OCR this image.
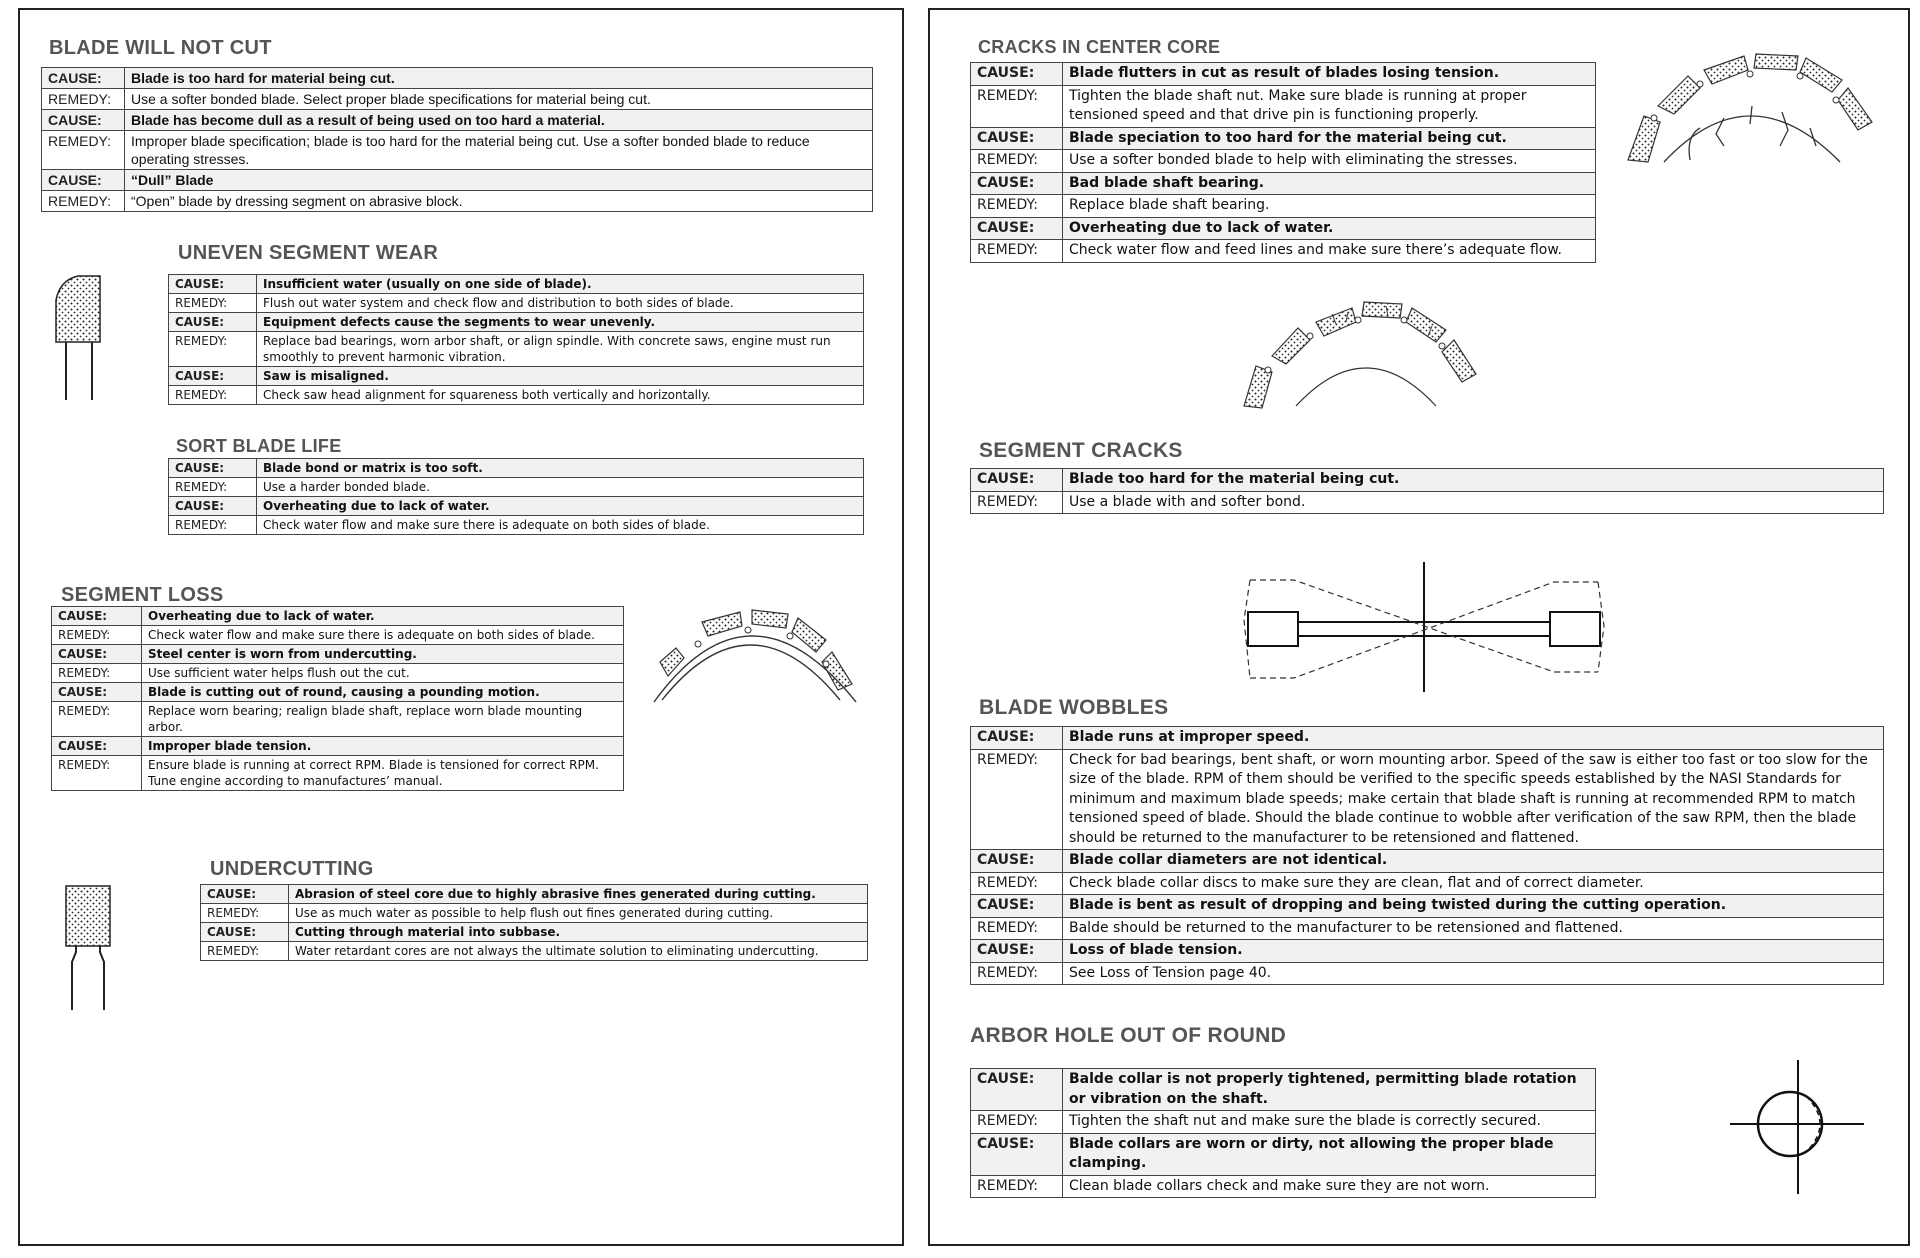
BLADE WILL NOT CUT
CAUSE:	Blade is too hard for material being cut.
REMEDY:	Use a softer bonded blade. Select proper blade specifications for material being cut.
CAUSE:	Blade has become dull as a result of being used on too hard a material.
REMEDY:	Improper blade specification; blade is too hard for the material being cut. Use a softer bonded blade to reduce operating stresses.
CAUSE:	“Dull” Blade
REMEDY:	“Open” blade by dressing segment on abrasive block.
UNEVEN SEGMENT WEAR
CAUSE:	Insufficient water (usually on one side of blade).
REMEDY:	Flush out water system and check flow and distribution to both sides of blade.
CAUSE:	Equipment defects cause the segments to wear unevenly.
REMEDY:	Replace bad bearings, worn arbor shaft, or align spindle. With concrete saws, engine must run smoothly to prevent harmonic vibration.
CAUSE:	Saw is misaligned.
REMEDY:	Check saw head alignment for squareness both vertically and horizontally.
SORT BLADE LIFE
CAUSE:	Blade bond or matrix is too soft.
REMEDY:	Use a harder bonded blade.
CAUSE:	Overheating due to lack of water.
REMEDY:	Check water flow and make sure there is adequate on both sides of blade.
SEGMENT LOSS
CAUSE:	Overheating due to lack of water.
REMEDY:	Check water flow and make sure there is adequate on both sides of blade.
CAUSE:	Steel center is worn from undercutting.
REMEDY:	Use sufficient water helps flush out the cut.
CAUSE:	Blade is cutting out of round, causing a pounding motion.
REMEDY:	Replace worn bearing; realign blade shaft, replace worn blade mounting arbor.
CAUSE:	Improper blade tension.
REMEDY:	Ensure blade is running at correct RPM. Blade is tensioned for correct RPM. Tune engine according to manufactures’ manual.
UNDERCUTTING
CAUSE:	Abrasion of steel core due to highly abrasive fines generated during cutting.
REMEDY:	Use as much water as possible to help flush out fines generated during cutting.
CAUSE:	Cutting through material into subbase.
REMEDY:	Water retardant cores are not always the ultimate solution to eliminating undercutting.
CRACKS IN CENTER CORE
CAUSE:	Blade flutters in cut as result of blades losing tension.
REMEDY:	Tighten the blade shaft nut. Make sure blade is running at proper tensioned speed and that drive pin is functioning properly.
CAUSE:	Blade speciation to too hard for the material being cut.
REMEDY:	Use a softer bonded blade to help with eliminating the stresses.
CAUSE:	Bad blade shaft bearing.
REMEDY:	Replace blade shaft bearing.
CAUSE:	Overheating due to lack of water.
REMEDY:	Check water flow and feed lines and make sure there’s adequate flow.
SEGMENT CRACKS
CAUSE:	Blade too hard for the material being cut.
REMEDY:	Use a blade with and softer bond.
BLADE WOBBLES
CAUSE:	Blade runs at improper speed.
REMEDY:	Check for bad bearings, bent shaft, or worn mounting arbor. Speed of the saw is either too fast or too slow for the size of the blade. RPM of them should be verified to the specific speeds established by the NASI Standards for minimum and maximum blade speeds; make certain that blade shaft is running at recommended RPM to match tensioned speed of blade. Should the blade continue to wobble after verification of the saw RPM, then the blade should be returned to the manufacturer to be retensioned and flattened.
CAUSE:	Blade collar diameters are not identical.
REMEDY:	Check blade collar discs to make sure they are clean, flat and of correct diameter.
CAUSE:	Blade is bent as result of dropping and being twisted during the cutting operation.
REMEDY:	Balde should be returned to the manufacturer to be retensioned and flattened.
CAUSE:	Loss of blade tension.
REMEDY:	See Loss of Tension page 40.
ARBOR HOLE OUT OF ROUND
CAUSE:	Balde collar is not properly tightened, permitting blade rotation or vibration on the shaft.
REMEDY:	Tighten the shaft nut and make sure the blade is correctly secured.
CAUSE:	Blade collars are worn or dirty, not allowing the proper blade clamping.
REMEDY:	Clean blade collars check and make sure they are not worn.
